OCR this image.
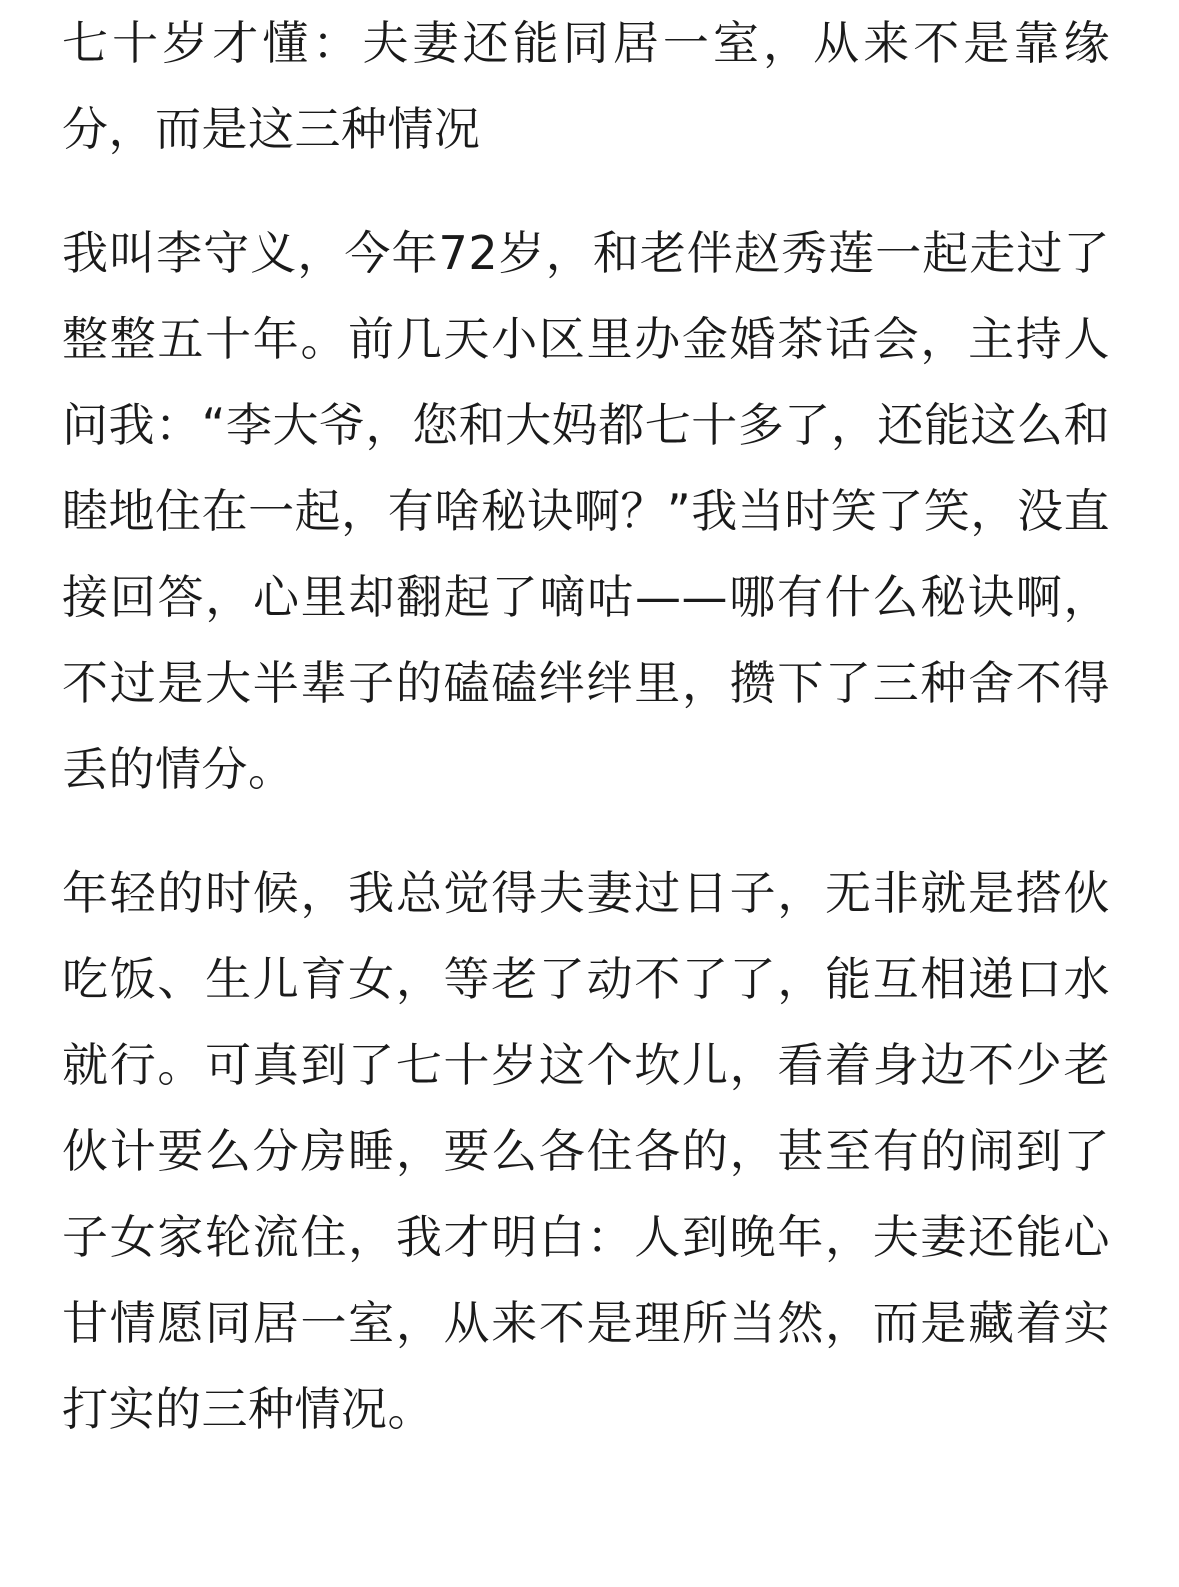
七十岁才懂：夫妻还能同居一室，从来不是靠缘分，而是这三种情况

我叫李守义，今年72岁，和老伴赵秀莲一起走过了整整五十年。前几天小区里办金婚茶话会，主持人问我：“李大爷，您和大妈都七十多了，还能这么和睦地住在一起，有啥秘诀啊？”我当时笑了笑，没直接回答，心里却翻起了嘀咕——哪有什么秘诀啊，不过是大半辈子的磕磕绊绊里，攒下了三种舍不得丢的情分。

年轻的时候，我总觉得夫妻过日子，无非就是搭伙吃饭、生儿育女，等老了动不了了，能互相递口水就行。可真到了七十岁这个坎儿，看着身边不少老伙计要么分房睡，要么各住各的，甚至有的闹到了子女家轮流住，我才明白：人到晚年，夫妻还能心甘情愿同居一室，从来不是理所当然，而是藏着实打实的三种情况。
